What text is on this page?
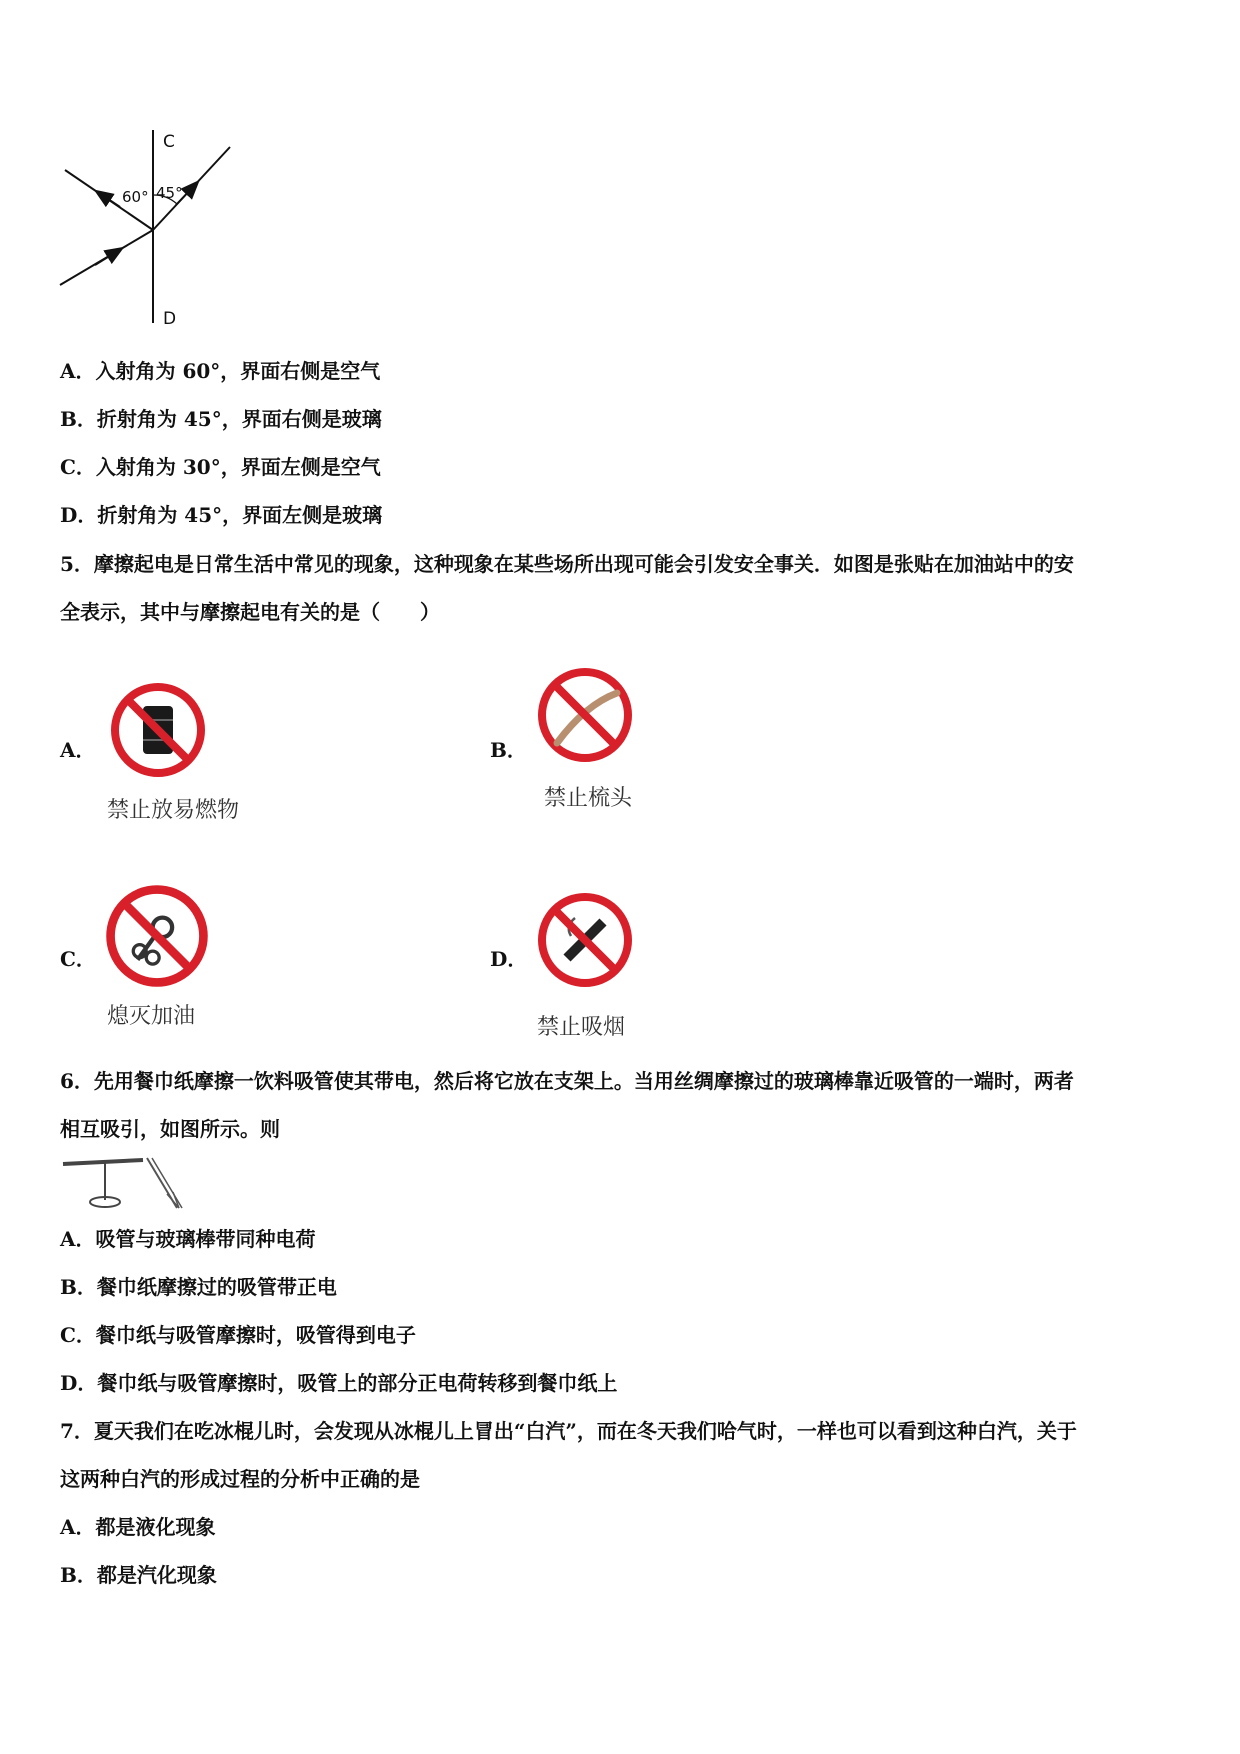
C
D
60° 45°
A．入射角为 60°，界面右侧是空气
B．折射角为 45°，界面右侧是玻璃
C．入射角为 30°，界面左侧是空气
D．折射角为 45°，界面左侧是玻璃
5．摩擦起电是日常生活中常见的现象，这种现象在某些场所出现可能会引发安全事关．如图是张贴在加油站中的安
全表示，其中与摩擦起电有关的是（　　）
A．
禁止放易燃物
B．
禁止梳头
C．
熄灭加油
D．
禁止吸烟
6．先用餐巾纸摩擦一饮料吸管使其带电，然后将它放在支架上。当用丝绸摩擦过的玻璃棒靠近吸管的一端时，两者
相互吸引，如图所示。则
A．吸管与玻璃棒带同种电荷
B．餐巾纸摩擦过的吸管带正电
C．餐巾纸与吸管摩擦时，吸管得到电子
D．餐巾纸与吸管摩擦时，吸管上的部分正电荷转移到餐巾纸上
7．夏天我们在吃冰棍儿时，会发现从冰棍儿上冒出“白汽”，而在冬天我们哈气时，一样也可以看到这种白汽，关于
这两种白汽的形成过程的分析中正确的是
A．都是液化现象
B．都是汽化现象
